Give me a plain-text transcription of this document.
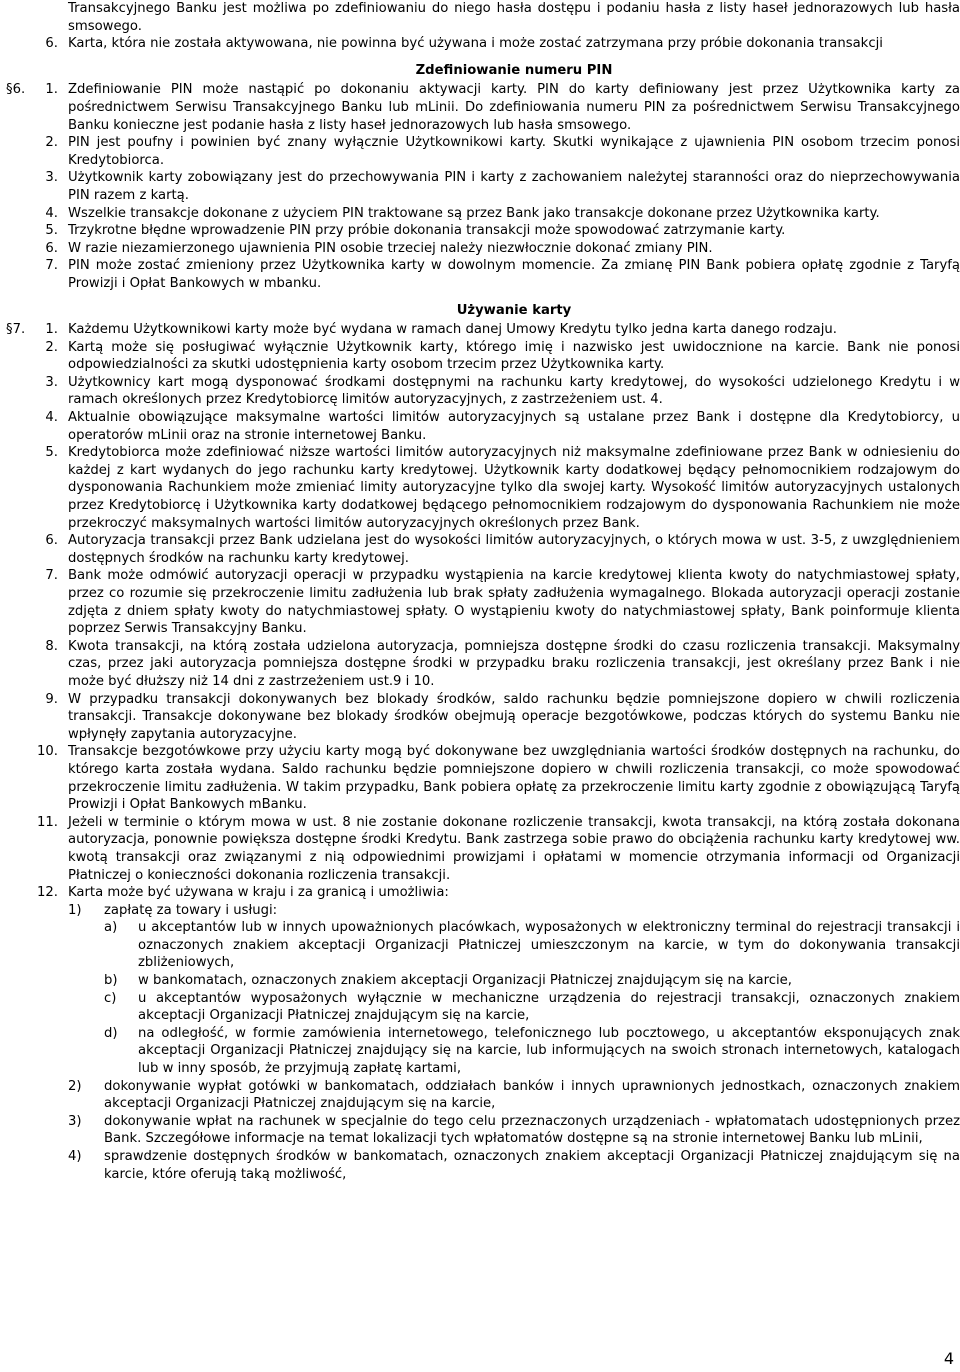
Transakcyjnego Banku jest możliwa po zdefiniowaniu do niego hasła dostępu i podaniu hasła z listy haseł jednorazowych lub hasła smsowego.
6. Karta, która nie została aktywowana, nie powinna być używana i może zostać zatrzymana przy próbie dokonania transakcji
Zdefiniowanie numeru PIN
§6.	1. Zdefiniowanie PIN może nastąpić po dokonaniu aktywacji karty. PIN do karty definiowany jest przez Użytkownika karty za pośrednictwem Serwisu Transakcyjnego Banku lub mLinii. Do zdefiniowania numeru PIN za pośrednictwem Serwisu Transakcyjnego Banku konieczne jest podanie hasła z listy haseł jednorazowych lub hasła smsowego.
2. PIN jest poufny i powinien być znany wyłącznie Użytkownikowi karty. Skutki wynikające z ujawnienia PIN osobom trzecim ponosi Kredytobiorca.
3. Użytkownik karty zobowiązany jest do przechowywania PIN i karty z zachowaniem należytej staranności oraz do nieprzechowywania PIN razem z kartą.
4. Wszelkie transakcje dokonane z użyciem PIN traktowane są przez Bank jako transakcje dokonane przez Użytkownika karty.
5. Trzykrotne błędne wprowadzenie PIN przy próbie dokonania transakcji może spowodować zatrzymanie karty.
6. W razie niezamierzonego ujawnienia PIN osobie trzeciej należy niezwłocznie dokonać zmiany PIN.
7. PIN może zostać zmieniony przez Użytkownika karty w dowolnym momencie. Za zmianę PIN Bank pobiera opłatę zgodnie z Taryfą Prowizji i Opłat Bankowych w mbanku.
Używanie karty
§7.	1. Każdemu Użytkownikowi karty może być wydana w ramach danej Umowy Kredytu tylko jedna karta danego rodzaju.
2. Kartą może się posługiwać wyłącznie Użytkownik karty, którego imię i nazwisko jest uwidocznione na karcie. Bank nie ponosi odpowiedzialności za skutki udostępnienia karty osobom trzecim przez Użytkownika karty.
3. Użytkownicy kart mogą dysponować środkami dostępnymi na rachunku karty kredytowej, do wysokości udzielonego Kredytu i w ramach określonych przez Kredytobiorcę limitów autoryzacyjnych, z zastrzeżeniem ust. 4.
4. Aktualnie obowiązujące maksymalne wartości limitów autoryzacyjnych są ustalane przez Bank i dostępne dla Kredytobiorcy, u operatorów mLinii oraz na stronie internetowej Banku.
5. Kredytobiorca może zdefiniować niższe wartości limitów autoryzacyjnych niż maksymalne zdefiniowane przez Bank w odniesieniu do każdej z kart wydanych do jego rachunku karty kredytowej. Użytkownik karty dodatkowej będący pełnomocnikiem rodzajowym do dysponowania Rachunkiem może zmieniać limity autoryzacyjne tylko dla swojej karty. Wysokość limitów autoryzacyjnych ustalonych przez Kredytobiorcę i Użytkownika karty dodatkowej będącego pełnomocnikiem rodzajowym do dysponowania Rachunkiem nie może przekroczyć maksymalnych wartości limitów autoryzacyjnych określonych przez Bank.
6. Autoryzacja transakcji przez Bank udzielana jest do wysokości limitów autoryzacyjnych, o których mowa w ust. 3-5, z uwzględnieniem dostępnych środków na rachunku karty kredytowej.
7. Bank może odmówić autoryzacji operacji w przypadku wystąpienia na karcie kredytowej klienta kwoty do natychmiastowej spłaty, przez co rozumie się przekroczenie limitu zadłużenia lub brak spłaty zadłużenia wymagalnego. Blokada autoryzacji operacji zostanie zdjęta z dniem spłaty kwoty do natychmiastowej spłaty. O wystąpieniu kwoty do natychmiastowej spłaty, Bank poinformuje klienta poprzez Serwis Transakcyjny Banku.
8. Kwota transakcji, na którą została udzielona autoryzacja, pomniejsza dostępne środki do czasu rozliczenia transakcji. Maksymalny czas, przez jaki autoryzacja pomniejsza dostępne środki w przypadku braku rozliczenia transakcji, jest określany przez Bank i nie może być dłuższy niż 14 dni z zastrzeżeniem ust.9 i 10.
9. W przypadku transakcji dokonywanych bez blokady środków, saldo rachunku będzie pomniejszone dopiero w chwili rozliczenia transakcji. Transakcje dokonywane bez blokady środków obejmują operacje bezgotówkowe, podczas których do systemu Banku nie wpłynęły zapytania autoryzacyjne.
10. Transakcje bezgotówkowe przy użyciu karty mogą być dokonywane bez uwzględniania wartości środków dostępnych na rachunku, do którego karta została wydana. Saldo rachunku będzie pomniejszone dopiero w chwili rozliczenia transakcji, co może spowodować przekroczenie limitu zadłużenia. W takim przypadku, Bank pobiera opłatę za przekroczenie limitu karty zgodnie z obowiązującą Taryfą Prowizji i Opłat Bankowych mBanku.
11. Jeżeli w terminie o którym mowa w ust. 8 nie zostanie dokonane rozliczenie transakcji, kwota transakcji, na którą została dokonana autoryzacja, ponownie powiększa dostępne środki Kredytu. Bank zastrzega sobie prawo do obciążenia rachunku karty kredytowej ww. kwotą transakcji oraz związanymi z nią odpowiednimi prowizjami i opłatami w momencie otrzymania informacji od Organizacji Płatniczej o konieczności dokonania rozliczenia transakcji.
12. Karta może być używana w kraju i za granicą i umożliwia:
1) zapłatę za towary i usługi:
a) u akceptantów lub w innych upoważnionych placówkach, wyposażonych w elektroniczny terminal do rejestracji transakcji i oznaczonych znakiem akceptacji Organizacji Płatniczej umieszczonym na karcie, w tym do dokonywania transakcji zbliżeniowych,
b) w bankomatach, oznaczonych znakiem akceptacji Organizacji Płatniczej znajdującym się na karcie,
c) u akceptantów wyposażonych wyłącznie w mechaniczne urządzenia do rejestracji transakcji, oznaczonych znakiem akceptacji Organizacji Płatniczej znajdującym się na karcie,
d) na odległość, w formie zamówienia internetowego, telefonicznego lub pocztowego, u akceptantów eksponujących znak akceptacji Organizacji Płatniczej znajdujący się na karcie, lub informujących na swoich stronach internetowych, katalogach lub w inny sposób, że przyjmują zapłatę kartami,
2) dokonywanie wypłat gotówki w bankomatach, oddziałach banków i innych uprawnionych jednostkach, oznaczonych znakiem akceptacji Organizacji Płatniczej znajdującym się na karcie,
3) dokonywanie wpłat na rachunek w specjalnie do tego celu przeznaczonych urządzeniach - wpłatomatach udostępnionych przez Bank. Szczegółowe informacje na temat lokalizacji tych wpłatomatów dostępne są na stronie internetowej Banku lub mLinii,
4) sprawdzenie dostępnych środków w bankomatach, oznaczonych znakiem akceptacji Organizacji Płatniczej znajdującym się na karcie, które oferują taką możliwość,
4
